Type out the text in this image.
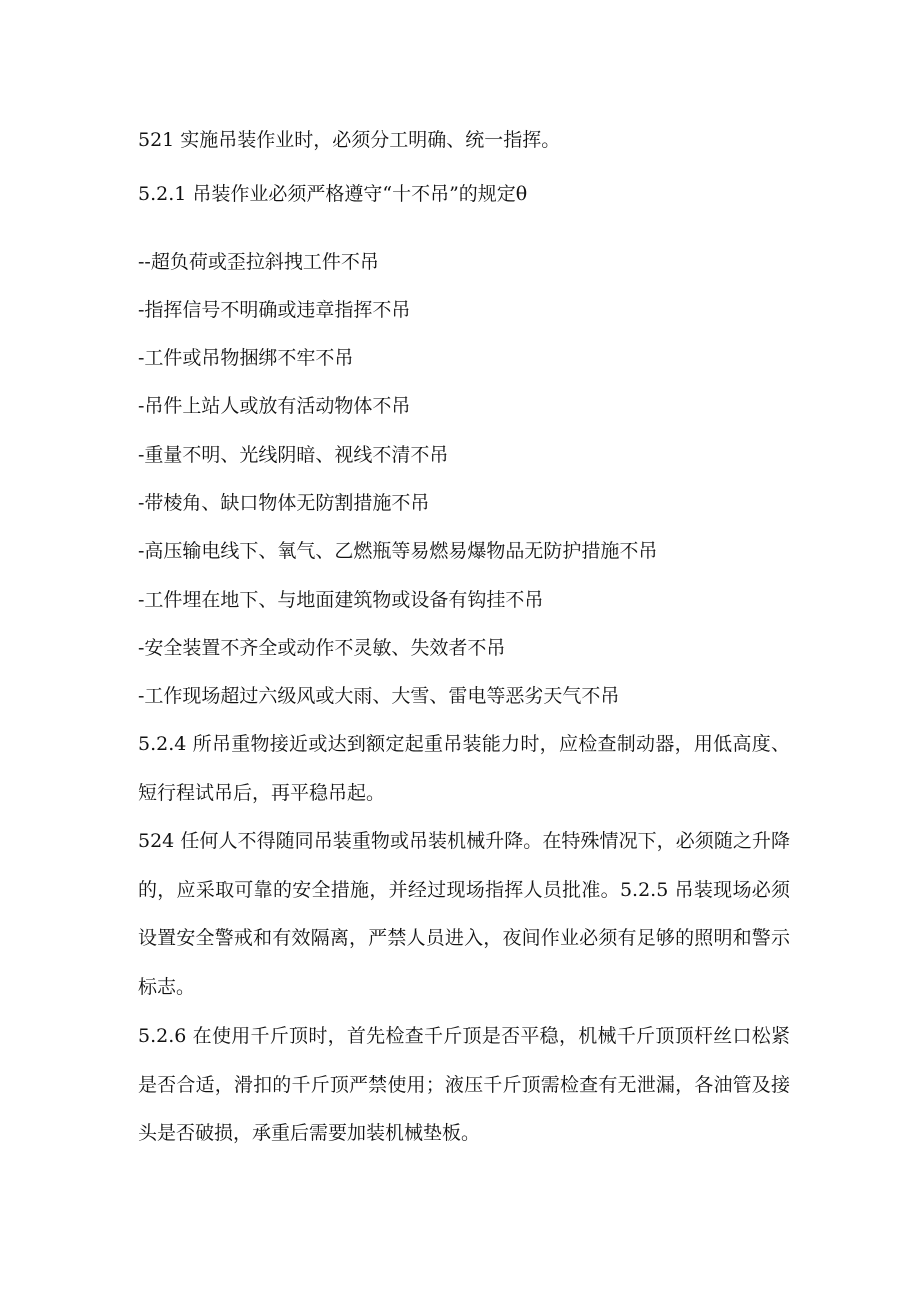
521 实施吊装作业时，必须分工明确、统一指挥。
5.2.1 吊装作业必须严格遵守“十不吊”的规定θ
--超负荷或歪拉斜拽工件不吊
-指挥信号不明确或违章指挥不吊
-工件或吊物捆绑不牢不吊
-吊件上站人或放有活动物体不吊
-重量不明、光线阴暗、视线不清不吊
-带棱角、缺口物体无防割措施不吊
-高压输电线下、氧气、乙燃瓶等易燃易爆物品无防护措施不吊
-工件埋在地下、与地面建筑物或设备有钩挂不吊
-安全装置不齐全或动作不灵敏、失效者不吊
-工作现场超过六级风或大雨、大雪、雷电等恶劣天气不吊
5.2.4 所吊重物接近或达到额定起重吊装能力时，应检查制动器，用低高度、短行程试吊后，再平稳吊起。
524 任何人不得随同吊装重物或吊装机械升降。在特殊情况下，必须随之升降的，应采取可靠的安全措施，并经过现场指挥人员批准。5.2.5 吊装现场必须设置安全警戒和有效隔离，严禁人员进入，夜间作业必须有足够的照明和警示标志。
5.2.6 在使用千斤顶时，首先检查千斤顶是否平稳，机械千斤顶顶杆丝口松紧是否合适，滑扣的千斤顶严禁使用；液压千斤顶需检查有无泄漏，各油管及接头是否破损，承重后需要加装机械垫板。
